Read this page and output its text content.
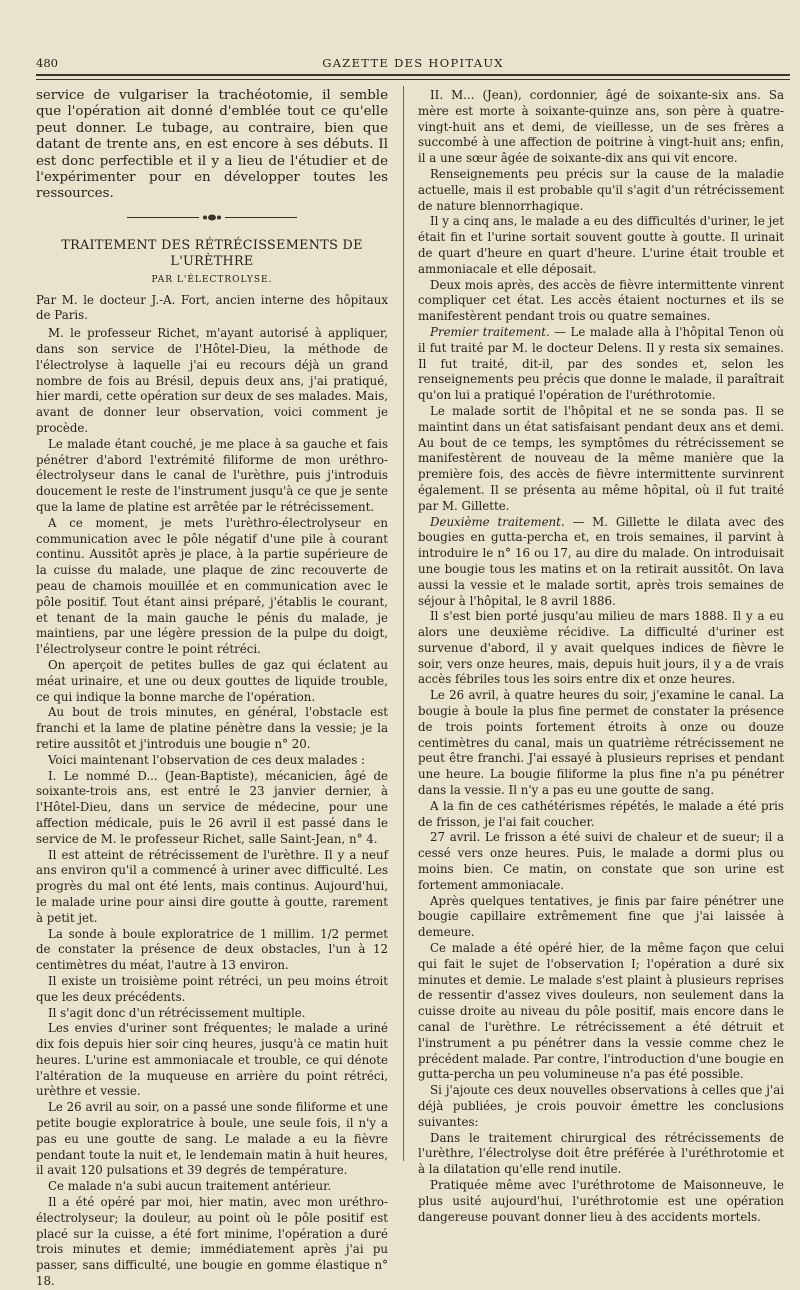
480	GAZETTE DES HOPITAUX

service de vulgariser la trachéotomie, il semble que l'opération ait donné d'emblée tout ce qu'elle peut donner. Le tubage, au contraire, bien que datant de trente ans, en est encore à ses débuts. Il est donc perfectible et il y a lieu de l'étudier et de l'expérimenter pour en développer toutes les ressources.

TRAITEMENT DES RÉTRÉCISSEMENTS DE L'URÈTHRE
PAR L'ÉLECTROLYSE.

Par M. le docteur J.-A. Fort, ancien interne des hôpitaux de Paris.

M. le professeur Richet, m'ayant autorisé à appliquer, dans son service de l'Hôtel-Dieu, la méthode de l'électrolyse à laquelle j'ai eu recours déjà un grand nombre de fois au Brésil, depuis deux ans, j'ai pratiqué, hier mardi, cette opération sur deux de ses malades. Mais, avant de donner leur observation, voici comment je procède.

Le malade étant couché, je me place à sa gauche et fais pénétrer d'abord l'extrémité filiforme de mon uréthro-électrolyseur dans le canal de l'urèthre, puis j'introduis doucement le reste de l'instrument jusqu'à ce que je sente que la lame de platine est arrêtée par le rétrécissement.

A ce moment, je mets l'urèthro-électrolyseur en communication avec le pôle négatif d'une pile à courant continu. Aussitôt après je place, à la partie supérieure de la cuisse du malade, une plaque de zinc recouverte de peau de chamois mouillée et en communication avec le pôle positif. Tout étant ainsi préparé, j'établis le courant, et tenant de la main gauche le pénis du malade, je maintiens, par une légère pression de la pulpe du doigt, l'électrolyseur contre le point rétréci.

On aperçoit de petites bulles de gaz qui éclatent au méat urinaire, et une ou deux gouttes de liquide trouble, ce qui indique la bonne marche de l'opération.

Au bout de trois minutes, en général, l'obstacle est franchi et la lame de platine pénètre dans la vessie; je la retire aussitôt et j'introduis une bougie n° 20.

Voici maintenant l'observation de ces deux malades :

I. Le nommé D... (Jean-Baptiste), mécanicien, âgé de soixante-trois ans, est entré le 23 janvier dernier, à l'Hôtel-Dieu, dans un service de médecine, pour une affection médicale, puis le 26 avril il est passé dans le service de M. le professeur Richet, salle Saint-Jean, n° 4.

Il est atteint de rétrécissement de l'urèthre. Il y a neuf ans environ qu'il a commencé à uriner avec difficulté. Les progrès du mal ont été lents, mais continus. Aujourd'hui, le malade urine pour ainsi dire goutte à goutte, rarement à petit jet.

La sonde à boule exploratrice de 1 millim. 1/2 permet de constater la présence de deux obstacles, l'un à 12 centimètres du méat, l'autre à 13 environ.

Il existe un troisième point rétréci, un peu moins étroit que les deux précédents.

Il s'agit donc d'un rétrécissement multiple.

Les envies d'uriner sont fréquentes; le malade a uriné dix fois depuis hier soir cinq heures, jusqu'à ce matin huit heures. L'urine est ammoniacale et trouble, ce qui dénote l'altération de la muqueuse en arrière du point rétréci, urèthre et vessie.

Le 26 avril au soir, on a passé une sonde filiforme et une petite bougie exploratrice à boule, une seule fois, il n'y a pas eu une goutte de sang. Le malade a eu la fièvre pendant toute la nuit et, le lendemain matin à huit heures, il avait 120 pulsations et 39 degrés de température.

Ce malade n'a subi aucun traitement antérieur.

Il a été opéré par moi, hier matin, avec mon uréthro-électrolyseur; la douleur, au point où le pôle positif est placé sur la cuisse, a été fort minime, l'opération a duré trois minutes et demie; immédiatement après j'ai pu passer, sans difficulté, une bougie en gomme élastique n° 18.

II. M... (Jean), cordonnier, âgé de soixante-six ans. Sa mère est morte à soixante-quinze ans, son père à quatre-vingt-huit ans et demi, de vieillesse, un de ses frères a succombé à une affection de poitrine à vingt-huit ans; enfin, il a une sœur âgée de soixante-dix ans qui vit encore.

Renseignements peu précis sur la cause de la maladie actuelle, mais il est probable qu'il s'agit d'un rétrécissement de nature blennorrhagique.

Il y a cinq ans, le malade a eu des difficultés d'uriner, le jet était fin et l'urine sortait souvent goutte à goutte. Il urinait de quart d'heure en quart d'heure. L'urine était trouble et ammoniacale et elle déposait.

Deux mois après, des accès de fièvre intermittente vinrent compliquer cet état. Les accès étaient nocturnes et ils se manifestèrent pendant trois ou quatre semaines.

Premier traitement. — Le malade alla à l'hôpital Tenon où il fut traité par M. le docteur Delens. Il y resta six semaines. Il fut traité, dit-il, par des sondes et, selon les renseignements peu précis que donne le malade, il paraîtrait qu'on lui a pratiqué l'opération de l'uréthrotomie.

Le malade sortit de l'hôpital et ne se sonda pas. Il se maintint dans un état satisfaisant pendant deux ans et demi. Au bout de ce temps, les symptômes du rétrécissement se manifestèrent de nouveau de la même manière que la première fois, des accès de fièvre intermittente survinrent également. Il se présenta au même hôpital, où il fut traité par M. Gillette.

Deuxième traitement. — M. Gillette le dilata avec des bougies en gutta-percha et, en trois semaines, il parvint à introduire le n° 16 ou 17, au dire du malade. On introduisait une bougie tous les matins et on la retirait aussitôt. On lava aussi la vessie et le malade sortit, après trois semaines de séjour à l'hôpital, le 8 avril 1886.

Il s'est bien porté jusqu'au milieu de mars 1888. Il y a eu alors une deuxième récidive. La difficulté d'uriner est survenue d'abord, il y avait quelques indices de fièvre le soir, vers onze heures, mais, depuis huit jours, il y a de vrais accès fébriles tous les soirs entre dix et onze heures.

Le 26 avril, à quatre heures du soir, j'examine le canal. La bougie à boule la plus fine permet de constater la présence de trois points fortement étroits à onze ou douze centimètres du canal, mais un quatrième rétrécissement ne peut être franchi. J'ai essayé à plusieurs reprises et pendant une heure. La bougie filiforme la plus fine n'a pu pénétrer dans la vessie. Il n'y a pas eu une goutte de sang.

A la fin de ces cathétérismes répétés, le malade a été pris de frisson, je l'ai fait coucher.

27 avril. Le frisson a été suivi de chaleur et de sueur; il a cessé vers onze heures. Puis, le malade a dormi plus ou moins bien. Ce matin, on constate que son urine est fortement ammoniacale.

Après quelques tentatives, je finis par faire pénétrer une bougie capillaire extrêmement fine que j'ai laissée à demeure.

Ce malade a été opéré hier, de la même façon que celui qui fait le sujet de l'observation I; l'opération a duré six minutes et demie. Le malade s'est plaint à plusieurs reprises de ressentir d'assez vives douleurs, non seulement dans la cuisse droite au niveau du pôle positif, mais encore dans le canal de l'urèthre. Le rétrécissement a été détruit et l'instrument a pu pénétrer dans la vessie comme chez le précédent malade. Par contre, l'introduction d'une bougie en gutta-percha un peu volumineuse n'a pas été possible.

Si j'ajoute ces deux nouvelles observations à celles que j'ai déjà publiées, je crois pouvoir émettre les conclusions suivantes:

Dans le traitement chirurgical des rétrécissements de l'urèthre, l'électrolyse doit être préférée à l'uréthrotomie et à la dilatation qu'elle rend inutile.

Pratiquée même avec l'uréthrotome de Maisonneuve, le plus usité aujourd'hui, l'uréthrotomie est une opération dangereuse pouvant donner lieu à des accidents mortels.
